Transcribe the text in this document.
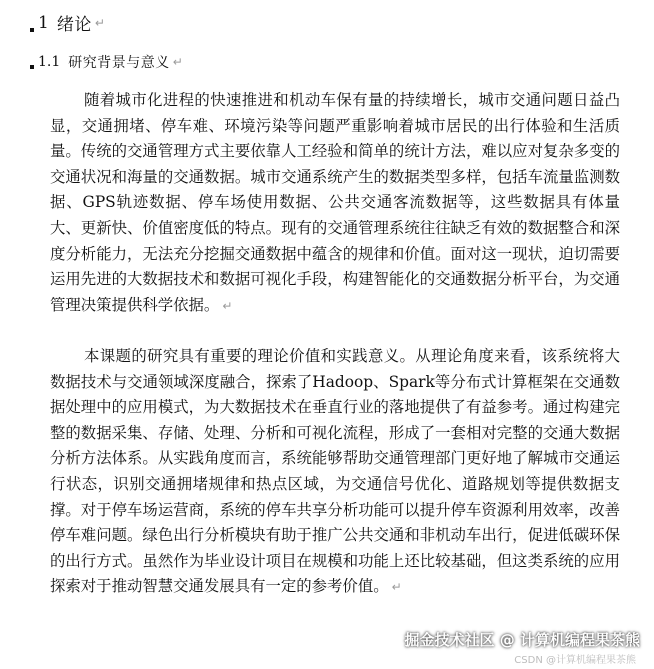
1 绪论 ↵
1.1 研究背景与意义 ↵

随着城市化进程的快速推进和机动车保有量的持续增长，城市交通问题日益凸显，交通拥堵、停车难、环境污染等问题严重影响着城市居民的出行体验和生活质量。传统的交通管理方式主要依靠人工经验和简单的统计方法，难以应对复杂多变的交通状况和海量的交通数据。城市交通系统产生的数据类型多样，包括车流量监测数据、GPS轨迹数据、停车场使用数据、公共交通客流数据等，这些数据具有体量大、更新快、价值密度低的特点。现有的交通管理系统往往缺乏有效的数据整合和深度分析能力，无法充分挖掘交通数据中蕴含的规律和价值。面对这一现状，迫切需要运用先进的大数据技术和数据可视化手段，构建智能化的交通数据分析平台，为交通管理决策提供科学依据。 ↵

本课题的研究具有重要的理论价值和实践意义。从理论角度来看，该系统将大数据技术与交通领域深度融合，探索了Hadoop、Spark等分布式计算框架在交通数据处理中的应用模式，为大数据技术在垂直行业的落地提供了有益参考。通过构建完整的数据采集、存储、处理、分析和可视化流程，形成了一套相对完整的交通大数据分析方法体系。从实践角度而言，系统能够帮助交通管理部门更好地了解城市交通运行状态，识别交通拥堵规律和热点区域，为交通信号优化、道路规划等提供数据支撑。对于停车场运营商，系统的停车共享分析功能可以提升停车资源利用效率，改善停车难问题。绿色出行分析模块有助于推广公共交通和非机动车出行，促进低碳环保的出行方式。虽然作为毕业设计项目在规模和功能上还比较基础，但这类系统的应用探索对于推动智慧交通发展具有一定的参考价值。 ↵

掘金技术社区 @ 计算机编程果茶熊
CSDN @计算机编程果茶熊
